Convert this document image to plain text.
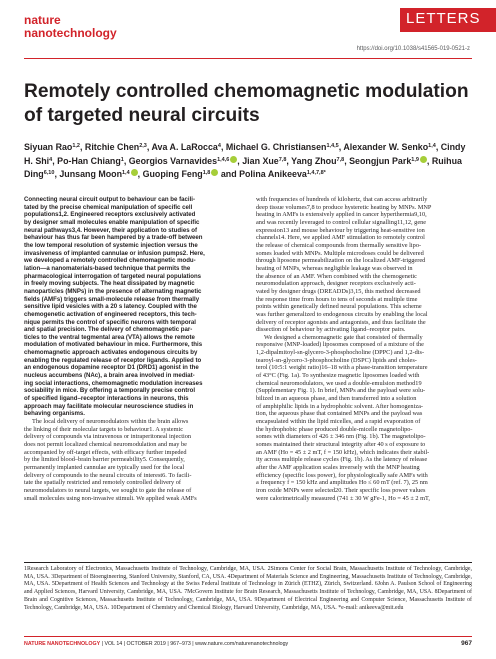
nature
nanotechnology
LETTERS
https://doi.org/10.1038/s41565-019-0521-z
Remotely controlled chemomagnetic modulation of targeted neural circuits
Siyuan Rao$^{1,2}$, Ritchie Chen$^{2,3}$, Ava A. LaRocca$^4$, Michael G. Christiansen$^{1,4,5}$, Alexander W. Senko$^{1,4}$, Cindy H. Shi$^4$, Po-Han Chiang$^1$, Georgios Varnavides$^{1,4,6}$ , Jian Xue$^{7,8}$, Yang Zhou$^{7,8}$, Seongjun Park$^{1,9}$ , Ruihua Ding$^{6,10}$, Junsang Moon$^{1,4}$ , Guoping Feng$^{1,8}$ and Polina Anikeeva$^{1,4,7,8*}$
Connecting neural circuit output to behaviour can be facili-
tated by the precise chemical manipulation of specific cell
populations1,2. Engineered receptors exclusively activated
by designer small molecules enable manipulation of specific
neural pathways3,4. However, their application to studies of
behaviour has thus far been hampered by a trade-off between
the low temporal resolution of systemic injection versus the
invasiveness of implanted cannulae or infusion pumps2. Here,
we developed a remotely controlled chemomagnetic modu-
lation—a nanomaterials-based technique that permits the
pharmacological interrogation of targeted neural populations
in freely moving subjects. The heat dissipated by magnetic
nanoparticles (MNPs) in the presence of alternating magnetic
fields (AMFs) triggers small-molecule release from thermally
sensitive lipid vesicles with a 20 s latency. Coupled with the
chemogenetic activation of engineered receptors, this tech-
nique permits the control of specific neurons with temporal
and spatial precision. The delivery of chemomagnetic par-
ticles to the ventral tegmental area (VTA) allows the remote
modulation of motivated behaviour in mice. Furthermore, this
chemomagnetic approach activates endogenous circuits by
enabling the regulated release of receptor ligands. Applied to
an endogenous dopamine receptor D1 (DRD1) agonist in the
nucleus accumbens (NAc), a brain area involved in mediat-
ing social interactions, chemomagnetic modulation increases
sociability in mice. By offering a temporally precise control
of specified ligand–receptor interactions in neurons, this
approach may facilitate molecular neuroscience studies in
behaving organisms.
The local delivery of neuromodulators within the brain allows
the linking of their molecular targets to behaviour1. A systemic
delivery of compounds via intravenous or intraperitoneal injection
does not permit localized chemical neuromodulation and may be
accompanied by off-target effects, with efficacy further impeded
by the limited blood–brain barrier permeability5. Consequently,
permanently implanted cannulae are typically used for the local
delivery of compounds to the neural circuits of interest6. To facili-
tate the spatially restricted and remotely controlled delivery of
neuromodulators to neural targets, we sought to gate the release of
small molecules using non-invasive stimuli. We applied weak AMFs
with frequencies of hundreds of kilohertz, that can access arbitrarily
deep tissue volumes7,8 to produce hysteretic heating by MNPs. MNP
heating in AMFs is extensively applied in cancer hyperthermia9,10,
and was recently leveraged to control cellular signalling11,12, gene
expression13 and mouse behaviour by triggering heat-sensitive ion
channels14. Here, we applied AMF stimulation to remotely control
the release of chemical compounds from thermally sensitive lipo-
somes loaded with MNPs. Multiple microdoses could be delivered
through liposome permeabilization on the localized AMF-triggered
heating of MNPs, whereas negligible leakage was observed in
the absence of an AMF. When combined with the chemogenetic
neuromodulation approach, designer receptors exclusively acti-
vated by designer drugs (DREADDs)3,15, this method decreased
the response time from hours to tens of seconds at multiple time
points within genetically defined neural populations. This scheme
was further generalized to endogenous circuits by enabling the local
delivery of receptor agonists and antagonists, and thus facilitate the
dissection of behaviour by activating ligand–receptor pairs.
We designed a chemomagnetic gate that consisted of thermally
responsive (MNP-loaded) liposomes composed of a mixture of the
1,2-dipalmitoyl-sn-glycero-3-phosphocholine (DPPC) and 1,2-dis-
tearoyl-sn-glycero-3-phosphocholine (DSPC) lipids and choles-
terol (10:5:1 weight ratio)16–18 with a phase-transition temperature
of 43°C (Fig. 1a). To synthesize magnetic liposomes loaded with
chemical neuromodulators, we used a double-emulsion method19
(Supplementary Fig. 1). In brief, MNPs and the payload were solu-
bilized in an aqueous phase, and then transferred into a solution
of amphiphilic lipids in a hydrophobic solvent. After homogeniza-
tion, the aqueous phase that contained MNPs and the payload was
encapsulated within the lipid micelles, and a rapid evaporation of
the hydrophobic phase produced double-micelle magnetolipo-
somes with diameters of 426 ± 346 nm (Fig. 1b). The magnetolipo-
somes maintained their structural integrity after 40 s of exposure to
an AMF (Ho = 45 ± 2 mT, f = 150 kHz), which indicates their stabil-
ity across multiple release cycles (Fig. 1b). As the latency of release
after the AMF application scales inversely with the MNP heating
efficiency (specific loss power), for physiologically safe AMFs with
a frequency f = 150 kHz and amplitudes Ho ≤ 60 mT (ref. 7), 25 nm
iron oxide MNPs were selected20. Their specific loss power values
were calorimetrically measured (741 ± 30 W gFe-1, Ho = 45 ± 2 mT,
1Research Laboratory of Electronics, Massachusetts Institute of Technology, Cambridge, MA, USA. 2Simons Center for Social Brain, Massachusetts Institute of Technology, Cambridge, MA, USA. 3Department of Bioengineering, Stanford University, Stanford, CA, USA. 4Department of Materials Science and Engineering, Massachusetts Institute of Technology, Cambridge, MA, USA. 5Department of Health Sciences and Technology at the Swiss Federal Institute of Technology in Zürich (ETHZ), Zürich, Switzerland. 6John A. Paulson School of Engineering and Applied Sciences, Harvard University, Cambridge, MA, USA. 7McGovern Institute for Brain Research, Massachusetts Institute of Technology, Cambridge, MA, USA. 8Department of Brain and Cognitive Sciences, Massachusetts Institute of Technology, Cambridge, MA, USA. 9Department of Electrical Engineering and Computer Science, Massachusetts Institute of Technology, Cambridge, MA, USA. 10Department of Chemistry and Chemical Biology, Harvard University, Cambridge, MA, USA. *e-mail: anikeeva@mit.edu
NATURE NANOTECHNOLOGY | VOL 14 | OCTOBER 2019 | 967–973 | www.nature.com/naturenanotechnology	967
